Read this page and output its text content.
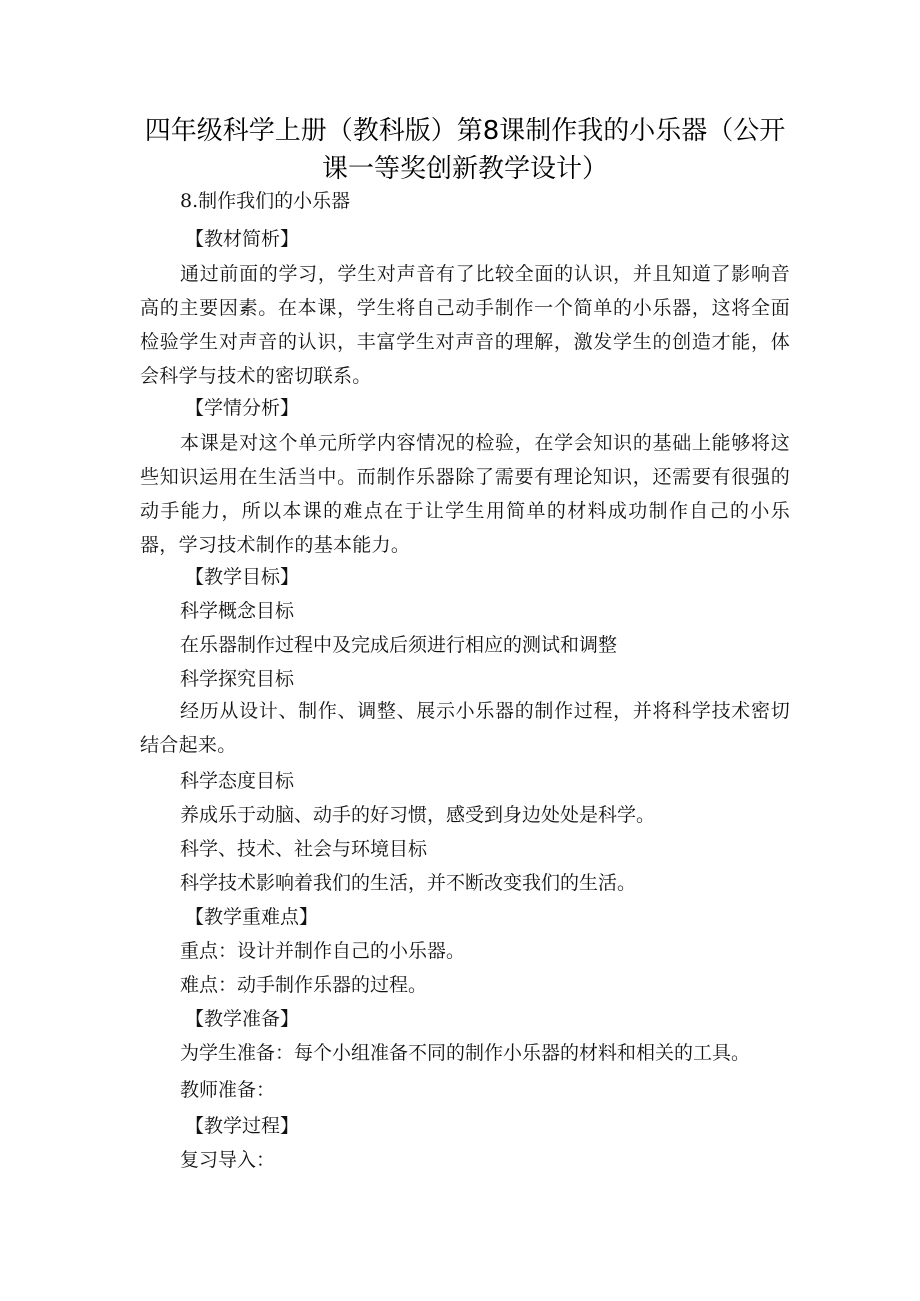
四年级科学上册（教科版）第8课制作我的小乐器（公开课一等奖创新教学设计）

8.制作我们的小乐器

【教材简析】

通过前面的学习，学生对声音有了比较全面的认识，并且知道了影响音高的主要因素。在本课，学生将自己动手制作一个简单的小乐器，这将全面检验学生对声音的认识，丰富学生对声音的理解，激发学生的创造才能，体会科学与技术的密切联系。

【学情分析】

本课是对这个单元所学内容情况的检验，在学会知识的基础上能够将这些知识运用在生活当中。而制作乐器除了需要有理论知识，还需要有很强的动手能力，所以本课的难点在于让学生用简单的材料成功制作自己的小乐器，学习技术制作的基本能力。

【教学目标】

科学概念目标

在乐器制作过程中及完成后须进行相应的测试和调整

科学探究目标

经历从设计、制作、调整、展示小乐器的制作过程，并将科学技术密切结合起来。

科学态度目标

养成乐于动脑、动手的好习惯，感受到身边处处是科学。

科学、技术、社会与环境目标

科学技术影响着我们的生活，并不断改变我们的生活。

【教学重难点】

重点：设计并制作自己的小乐器。

难点：动手制作乐器的过程。

【教学准备】

为学生准备：每个小组准备不同的制作小乐器的材料和相关的工具。

教师准备：

【教学过程】

复习导入：
